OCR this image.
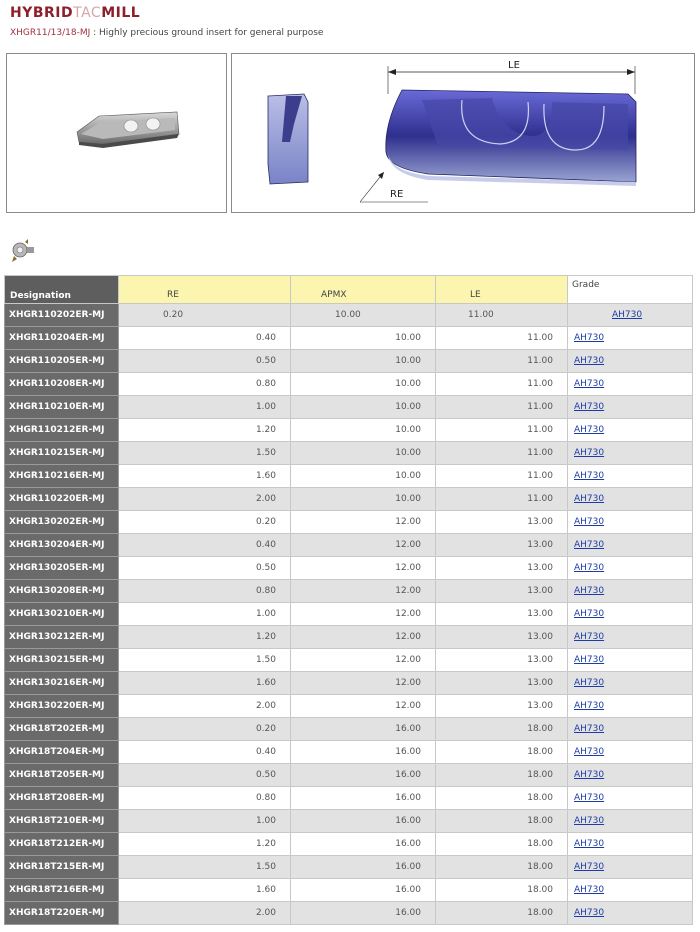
HYBRIDTACMILL
XHGR11/13/18-MJ : Highly precious ground insert for general purpose
LE
RE
Designation	RE	APMX	LE	Grade
XHGR110202ER-MJ	0.20	10.00	11.00	AH730
XHGR110204ER-MJ	0.40	10.00	11.00	AH730
XHGR110205ER-MJ	0.50	10.00	11.00	AH730
XHGR110208ER-MJ	0.80	10.00	11.00	AH730
XHGR110210ER-MJ	1.00	10.00	11.00	AH730
XHGR110212ER-MJ	1.20	10.00	11.00	AH730
XHGR110215ER-MJ	1.50	10.00	11.00	AH730
XHGR110216ER-MJ	1.60	10.00	11.00	AH730
XHGR110220ER-MJ	2.00	10.00	11.00	AH730
XHGR130202ER-MJ	0.20	12.00	13.00	AH730
XHGR130204ER-MJ	0.40	12.00	13.00	AH730
XHGR130205ER-MJ	0.50	12.00	13.00	AH730
XHGR130208ER-MJ	0.80	12.00	13.00	AH730
XHGR130210ER-MJ	1.00	12.00	13.00	AH730
XHGR130212ER-MJ	1.20	12.00	13.00	AH730
XHGR130215ER-MJ	1.50	12.00	13.00	AH730
XHGR130216ER-MJ	1.60	12.00	13.00	AH730
XHGR130220ER-MJ	2.00	12.00	13.00	AH730
XHGR18T202ER-MJ	0.20	16.00	18.00	AH730
XHGR18T204ER-MJ	0.40	16.00	18.00	AH730
XHGR18T205ER-MJ	0.50	16.00	18.00	AH730
XHGR18T208ER-MJ	0.80	16.00	18.00	AH730
XHGR18T210ER-MJ	1.00	16.00	18.00	AH730
XHGR18T212ER-MJ	1.20	16.00	18.00	AH730
XHGR18T215ER-MJ	1.50	16.00	18.00	AH730
XHGR18T216ER-MJ	1.60	16.00	18.00	AH730
XHGR18T220ER-MJ	2.00	16.00	18.00	AH730
